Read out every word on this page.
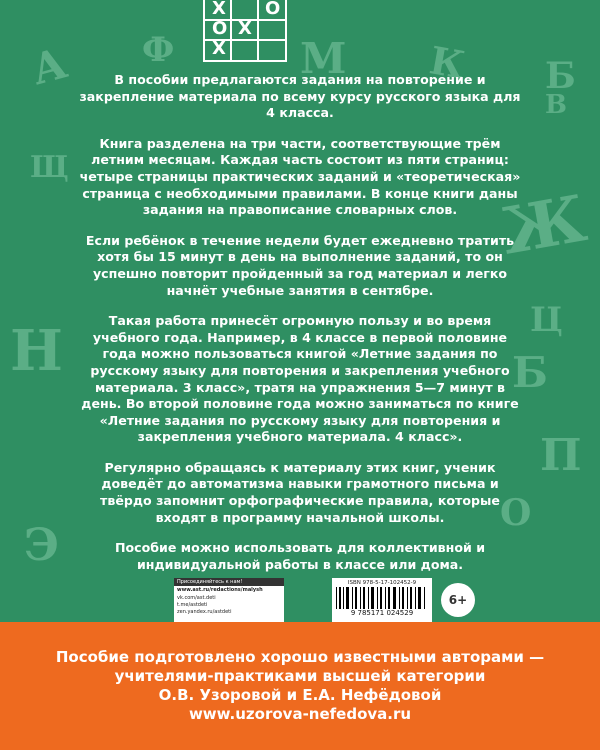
А Ф	М К Б
В
Щ
Ж
Н	Ц
Б
П
О
Э
Х О
Х
О
Х

В пособии предлагаются задания на повторение и закрепление материала по всему курсу русского языка для 4 класса.

Книга разделена на три части, соответствующие трём летним месяцам. Каждая часть состоит из пяти страниц: четыре страницы практических заданий и «теоретическая» страница с необходимыми правилами. В конце книги даны задания на правописание словарных слов.

Если ребёнок в течение недели будет ежедневно тратить хотя бы 15 минут в день на выполнение заданий, то он успешно повторит пройденный за год материал и легко начнёт учебные занятия в сентябре.

Такая работа принесёт огромную пользу и во время учебного года. Например, в 4 классе в первой половине года можно пользоваться книгой «Летние задания по русскому языку для повторения и закрепления учебного материала. 3 класс», тратя на упражнения 5—7 минут в день. Во второй половине года можно заниматься по книге «Летние задания по русскому языку для повторения и закрепления учебного материала. 4 класс».

Регулярно обращаясь к материалу этих книг, ученик доведёт до автоматизма навыки грамотного письма и твёрдо запомнит орфографические правила, которые входят в программу начальной школы.

Пособие можно использовать для коллективной и индивидуальной работы в классе или дома.

Присоединяйтесь к нам!
www.ast.ru/redactions/malysh
vk.com/ast.deti
t.me/astdeti
zen.yandex.ru/astdeti
ISBN 978-5-17-102452-9
9 785171 024529
6+
Пособие подготовлено хорошо известными авторами —
учителями-практиками высшей категории
О.В. Узоровой и Е.А. Нефёдовой
www.uzorova-nefedova.ru
